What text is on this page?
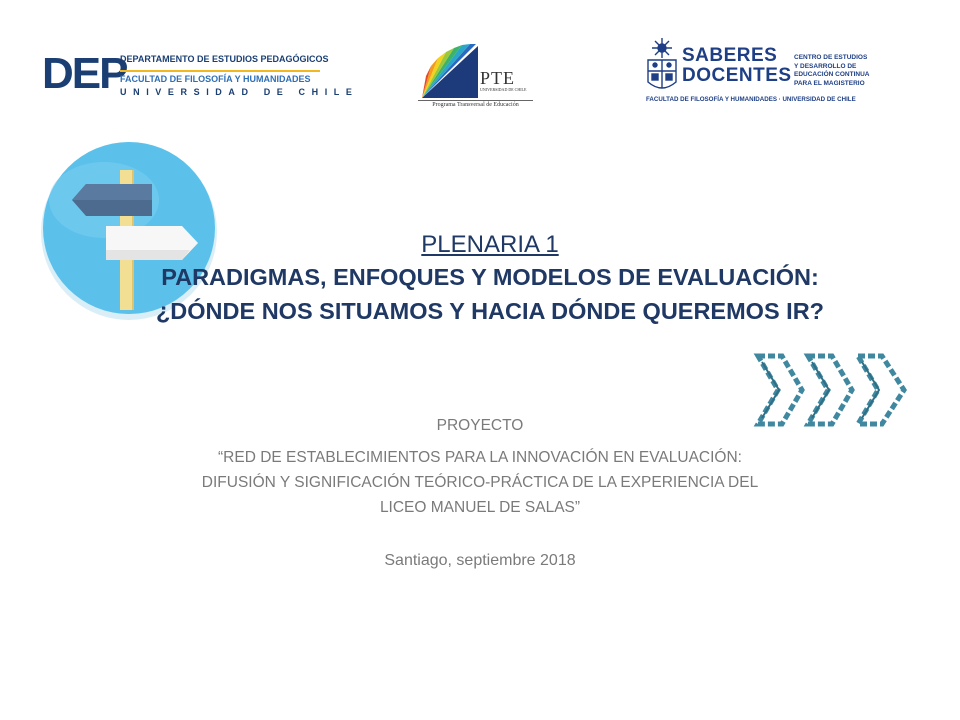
DEP
DEPARTAMENTO DE ESTUDIOS PEDAGÓGICOS
FACULTAD DE FILOSOFÍA Y HUMANIDADES
UNIVERSIDAD DE CHILE
PTE
UNIVERSIDAD DE CHILE
Programa Transversal de Educación
SABERES
DOCENTES
CENTRO DE ESTUDIOS
Y DESARROLLO DE
EDUCACIÓN CONTINUA
PARA EL MAGISTERIO
FACULTAD DE FILOSOFÍA Y HUMANIDADES · UNIVERSIDAD DE CHILE
PLENARIA 1
PARADIGMAS, ENFOQUES Y MODELOS DE EVALUACIÓN:
¿DÓNDE NOS SITUAMOS Y HACIA DÓNDE QUEREMOS IR?
PROYECTO
“RED DE ESTABLECIMIENTOS PARA LA INNOVACIÓN EN EVALUACIÓN:
DIFUSIÓN Y SIGNIFICACIÓN TEÓRICO-PRÁCTICA DE LA EXPERIENCIA DEL
LICEO MANUEL DE SALAS”
Santiago, septiembre 2018
